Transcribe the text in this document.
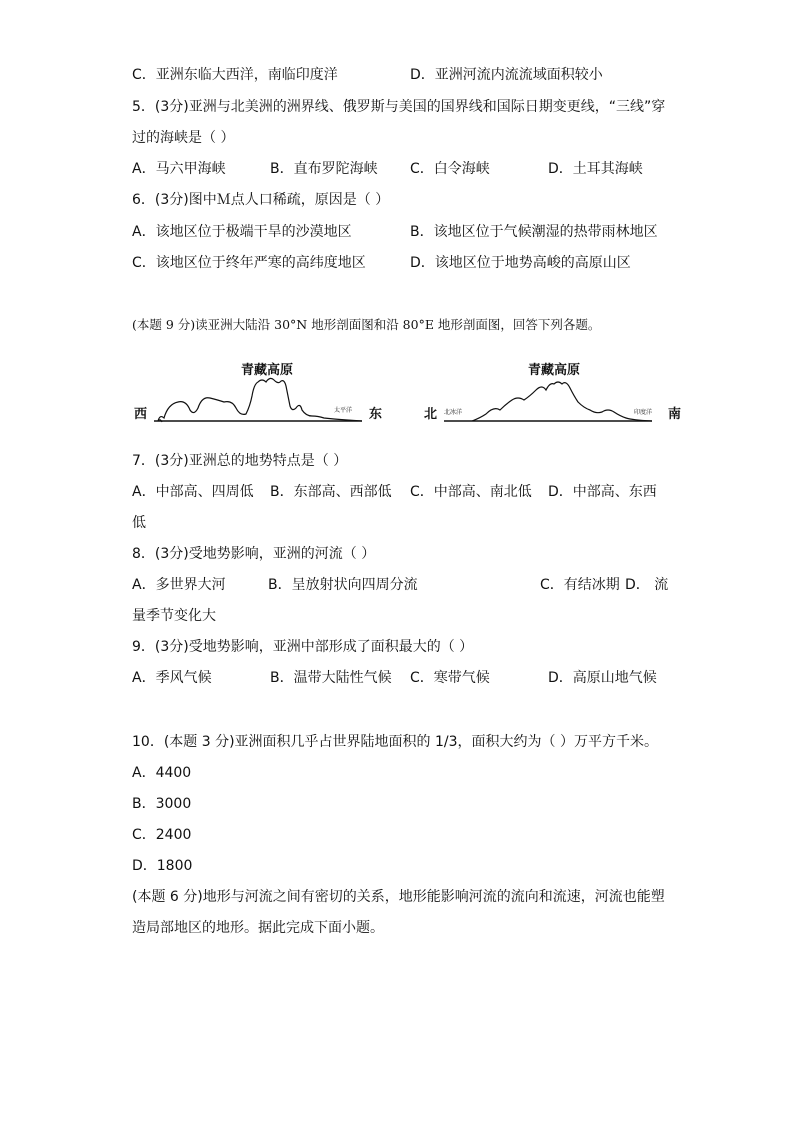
C．亚洲东临大西洋，南临印度洋	D．亚洲河流内流流域面积较小
5．(3分)亚洲与北美洲的洲界线、俄罗斯与美国的国界线和国际日期变更线，“三线”穿
过的海峡是（ ）
A．马六甲海峡	B．直布罗陀海峡 C．白令海峡	D．土耳其海峡
6．(3分)图中Ｍ点人口稀疏，原因是（ ）
A．该地区位于极端干旱的沙漠地区	B．该地区位于气候潮湿的热带雨林地区
C．该地区位于终年严寒的高纬度地区	D．该地区位于地势高峻的高原山区
(本题 9 分)读亚洲大陆沿 30°N 地形剖面图和沿 80°E 地形剖面图，回答下列各题。
青藏高原
西	东
太平洋
青藏高原
北	南
北冰洋	印度洋
7．(3分)亚洲总的地势特点是（ ）
A．中部高、四周低 B．东部高、西部低 C．中部高、南北低 D．中部高、东西
低
8．(3分)受地势影响，亚洲的河流（ ）
A．多世界大河	B．呈放射状向四周分流	C．有结冰期 D． 流
量季节变化大
9．(3分)受地势影响，亚洲中部形成了面积最大的（ ）
A．季风气候	B．温带大陆性气候 C．寒带气候	D．高原山地气候
10．(本题 3 分)亚洲面积几乎占世界陆地面积的 1/3，面积大约为（ ）万平方千米。
A．4400
B．3000
C．2400
D．1800
(本题 6 分)地形与河流之间有密切的关系，地形能影响河流的流向和流速，河流也能塑
造局部地区的地形。据此完成下面小题。
